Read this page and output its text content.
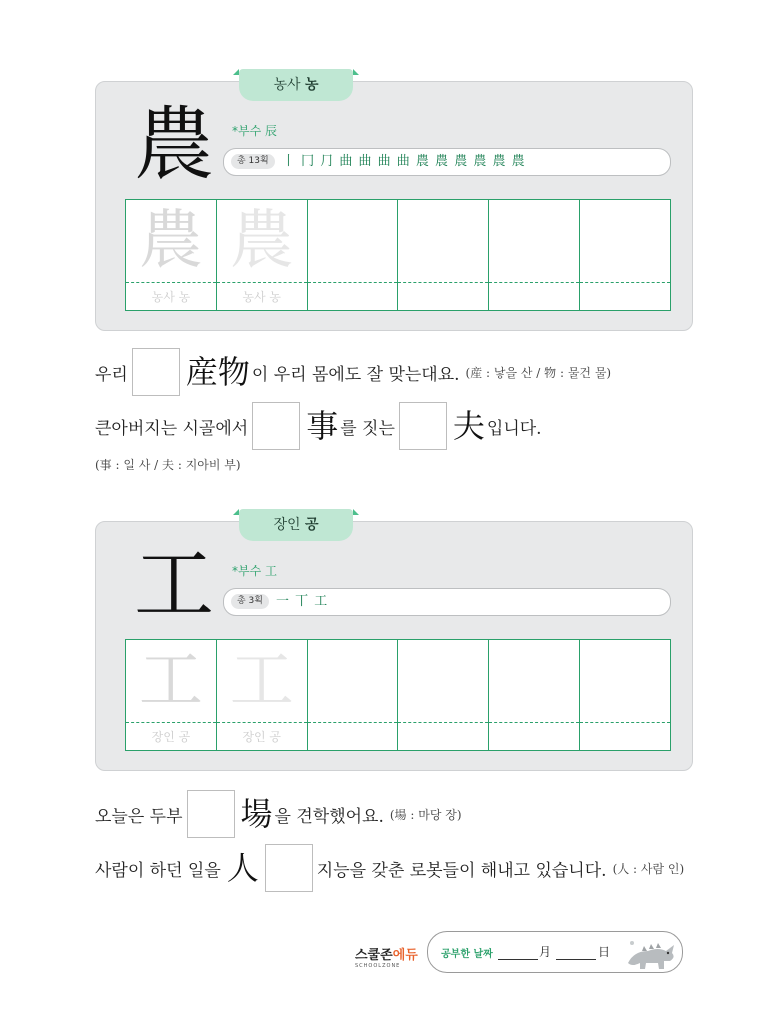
농사 농
農 *부수 辰
총 13획	丨 冂 ⺆ 曲 曲 曲 曲 農 農 農 農 農 農
農
농사 농
農
농사 농
우리 産物 이 우리 몸에도 잘 맞는대요. (産 : 낳을 산 / 物 : 물건 물)
큰아버지는 시골에서 事 를 짓는 夫 입니다.
(事 : 일 사 / 夫 : 지아비 부)
장인 공
工 *부수 工
총 3획	一 丅 工
工
장인 공
工
장인 공
오늘은 두부 場 을 견학했어요. (場 : 마당 장)
사람이 하던 일을 人	지능을 갖춘 로봇들이 해내고 있습니다. (人 : 사람 인)
스쿨존에듀
SCHOOLZONE
공부한 날짜	月	日
